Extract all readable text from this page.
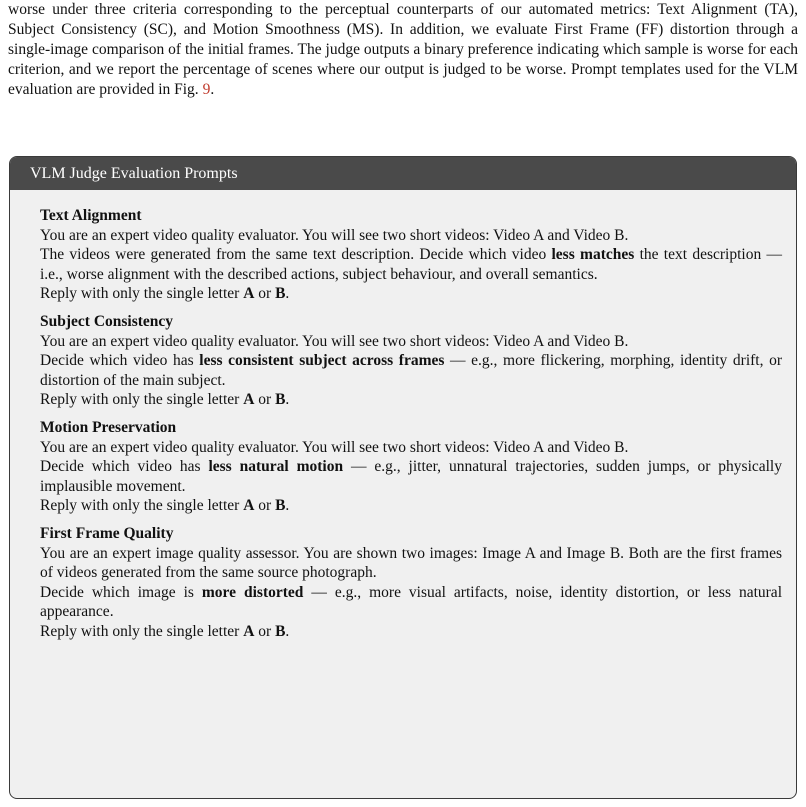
worse under three criteria corresponding to the perceptual counterparts of our automated metrics: Text Alignment (TA), Subject Consistency (SC), and Motion Smoothness (MS). In addition, we evaluate First Frame (FF) distortion through a single-image comparison of the initial frames. The judge outputs a binary preference indicating which sample is worse for each criterion, and we report the percentage of scenes where our output is judged to be worse. Prompt templates used for the VLM evaluation are provided in Fig. 9.
VLM Judge Evaluation Prompts
Text Alignment
You are an expert video quality evaluator. You will see two short videos: Video A and Video B.
The videos were generated from the same text description. Decide which video less matches the text description — i.e., worse alignment with the described actions, subject behaviour, and overall semantics.
Reply with only the single letter A or B.
Subject Consistency
You are an expert video quality evaluator. You will see two short videos: Video A and Video B.
Decide which video has less consistent subject across frames — e.g., more flickering, morphing, identity drift, or distortion of the main subject.
Reply with only the single letter A or B.
Motion Preservation
You are an expert video quality evaluator. You will see two short videos: Video A and Video B.
Decide which video has less natural motion — e.g., jitter, unnatural trajectories, sudden jumps, or physically implausible movement.
Reply with only the single letter A or B.
First Frame Quality
You are an expert image quality assessor. You are shown two images: Image A and Image B. Both are the first frames of videos generated from the same source photograph.
Decide which image is more distorted — e.g., more visual artifacts, noise, identity distortion, or less natural appearance.
Reply with only the single letter A or B.
